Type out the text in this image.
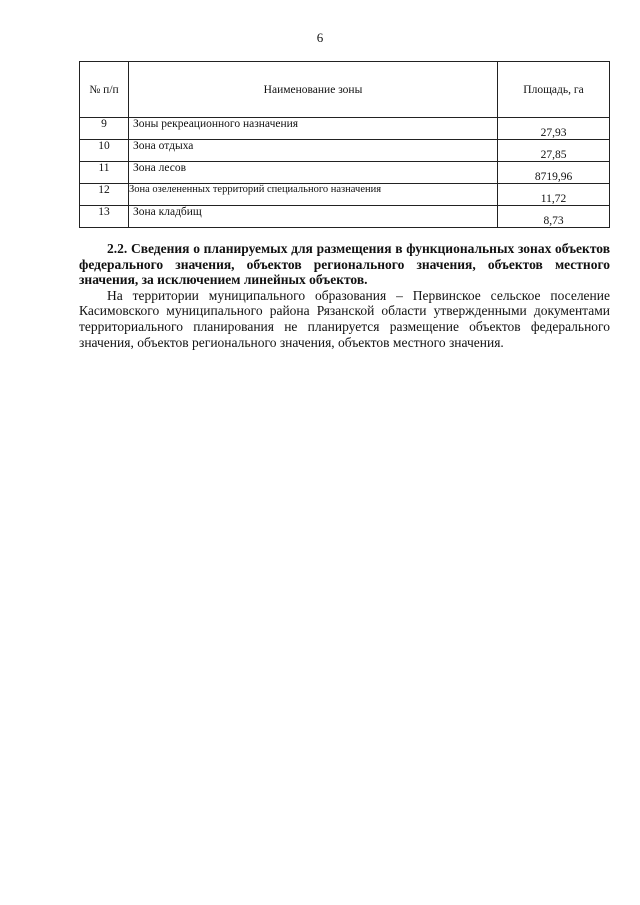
6
№ п/п	Наименование зоны	Площадь, га
9	Зоны рекреационного назначения	27,93
10	Зона отдыха	27,85
11	Зона лесов	8719,96
12	Зона озелененных территорий специального назначения	11,72
13	Зона кладбищ	8,73

2.2. Сведения о планируемых для размещения в функциональных зонах объектов федерального значения, объектов регионального значения, объектов местного значения, за исключением линейных объектов.

На территории муниципального образования – Первинское сельское поселение Касимовского муниципального района Рязанской области утвержденными документами территориального планирования не планируется размещение объектов федерального значения, объектов регионального значения, объектов местного значения.
